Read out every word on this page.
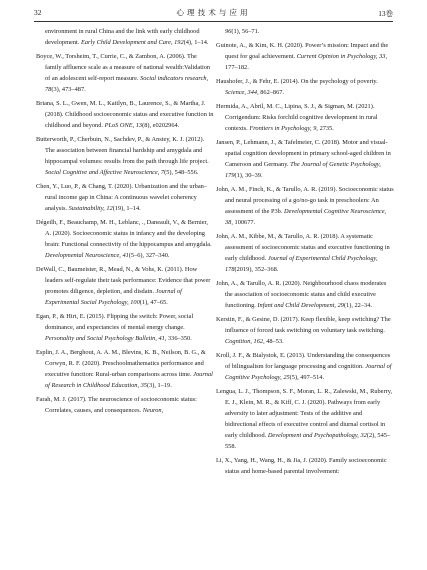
32	心理技术与应用	13卷

environment in rural China and the link with early childhood development. Early Child Development and Care, 192(4), 1–14.

Boyce, W., Torsheim, T., Currie, C., & Zambon, A. (2006). The family affluence scale as a measure of national wealth:Validation of an adolescent self-report measure. Social indicators research, 78(3), 473–487.

Briana, S. L., Gwen, M. L., Kaitlyn, B., Laurence, S., & Martha, J. (2018). Childhood socioeconomic status and executive function in childhood and beyond. PLoS ONE, 13(8), e0202964.

Butterworth, P., Cherbuin, N., Sachdev, P., & Anstey, K. J. (2012). The association between financial hardship and amygdala and hippocampal volumes: results from the path through life project. Social Cognitive and Affective Neuroscience, 7(5), 548–556.

Chen, Y., Luo, P., & Chang, T. (2020). Urbanization and the urban–rural income gap in China: A continuous wavelet coherency analysis. Sustainability, 12(19), 1–14.

Dégeilh, F., Beauchamp, M. H., Leblanc, ., Daneault, V., & Bernier, A. (2020). Socioeconomic status in infancy and the developing brain: Functional connectivity of the hippocampus and amygdala. Developmental Neuroscience, 41(5–6), 327–340.

DeWall, C., Baumeister, R., Mead, N., & Vohs, K. (2011). How leaders self-regulate their task performance: Evidence that power promotes diligence, depletion, and disdain. Journal of Experimental Social Psychology, 100(1), 47–65.

Egan, P., & Hirt, E. (2015). Flipping the switch: Power, social dominance, and expectancies of mental energy change. Personality and Social Psychology Bulletin, 41, 336–350.

Esplin, J. A., Berghout, A. A. M., Blevins, K. B., Neilson, B. G., & Corwyn, R. F. (2020). Preschoolmathematics performance and executive function: Rural-urban comparisons across time. Journal of Research in Childhood Education, 35(3), 1–19.

Farah, M. J. (2017). The neuroscience of socioeconomic status: Correlates, causes, and consequences. Neuron,

96(1), 56–71.

Guinote, A., & Kim, K. H. (2020). Power’s mission: Impact and the quest for goal achievement. Current Opinion in Psychology, 33, 177–182.

Haushofer, J., & Fehr, E. (2014). On the psychology of poverty. Science, 344, 862–867.

Hermida, A., Abril, M. C., Lipina, S. J., & Sigman, M. (2021). Corrigendum: Risks forchild cognitive development in rural contexts. Frontiers in Psychology, 9, 2735.

Jansen, P., Lehmann, J., & Tafelmeier, C. (2018). Motor and visual-spatial cognition development in primary school-aged children in Cameroon and Germany. The Journal of Genetic Psychology, 179(1), 30–39.

John, A. M., Finch, K., & Tarullo, A. R. (2019). Socioeconomic status and neural processing of a go/no-go task in preschoolers: An assessment of the P3b. Developmental Cognitive Neuroscience, 38, 100677.

John, A. M., Kibbe, M., & Tarullo, A. R. (2018). A systematic assessment of socioeconomic status and executive functioning in early childhood. Journal of Experimental Child Psychology, 178(2019), 352–368.

John, A., & Tarullo, A. R. (2020). Neighbourhood chaos moderates the association of socioeconomic status and child executive functioning. Infant and Child Development, 29(1), 22–34.

Kerstin, F., & Gesine, D. (2017). Keep flexible, keep switching? The influence of forced task switching on voluntary task switching. Cognition, 162, 48–53.

Kroll, J. F., & Bialystok, E. (2013). Understanding the consequences of bilingualism for language processing and cognition. Journal of Cognitive Psychology, 25(5), 497–514.

Lengua, L. J., Thompson, S. F., Moran, L. R., Zalewski, M., Ruberry, E. J., Klein, M. R., & Kiff, C. J. (2020). Pathways from early adversity to later adjustment: Tests of the additive and bidirectional effects of executive control and diurnal cortisol in early childhood. Development and Psychopathology, 32(2), 545–558.

Li, X., Yang, H., Wang, H., & Jia, J. (2020). Family socioeconomic status and home-based parental involvement:
